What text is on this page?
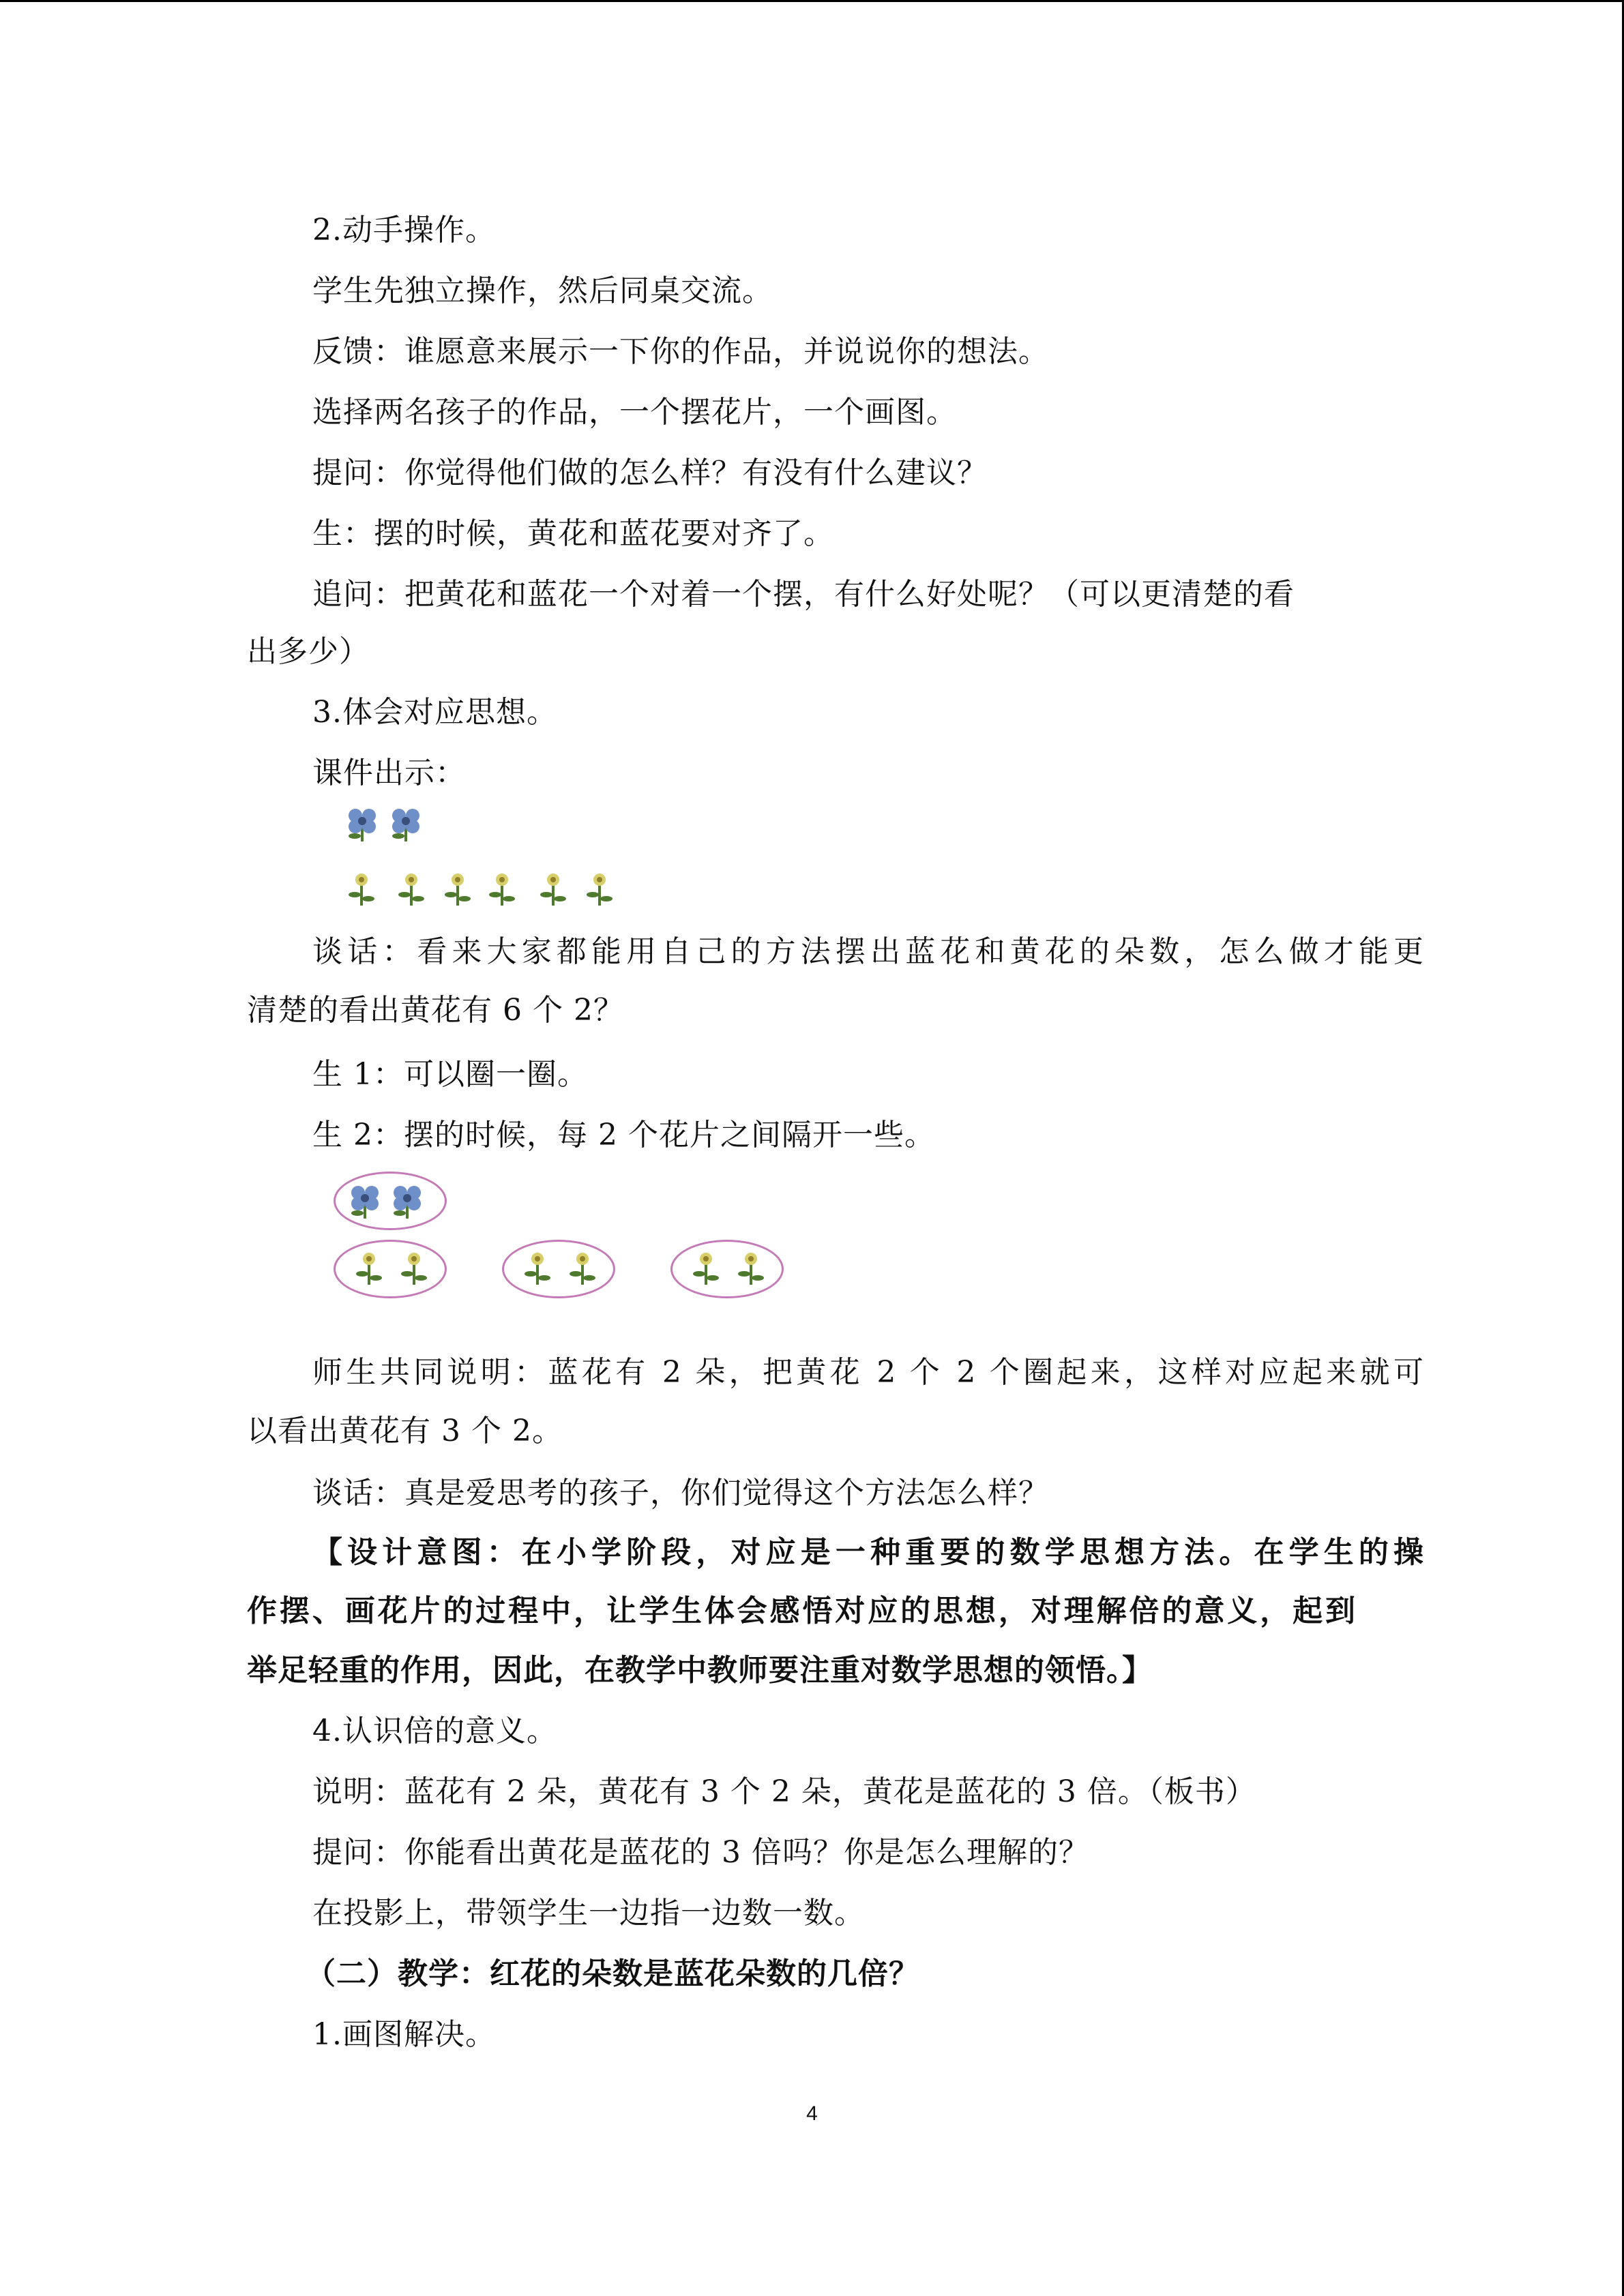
2.动手操作。
学生先独立操作，然后同桌交流。
反馈：谁愿意来展示一下你的作品，并说说你的想法。
选择两名孩子的作品，一个摆花片，一个画图。
提问：你觉得他们做的怎么样？有没有什么建议？
生：摆的时候，黄花和蓝花要对齐了。
追问：把黄花和蓝花一个对着一个摆，有什么好处呢？（可以更清楚的看
出多少）
3.体会对应思想。
课件出示：
谈话：看来大家都能用自己的方法摆出蓝花和黄花的朵数，怎么做才能更
清楚的看出黄花有 6 个 2？
生 1：可以圈一圈。
生 2：摆的时候，每 2 个花片之间隔开一些。
师生共同说明：蓝花有 2 朵，把黄花 2 个 2 个圈起来，这样对应起来就可
以看出黄花有 3 个 2。
谈话：真是爱思考的孩子，你们觉得这个方法怎么样？
【设计意图：在小学阶段，对应是一种重要的数学思想方法。在学生的操
作摆、画花片的过程中，让学生体会感悟对应的思想，对理解倍的意义，起到
举足轻重的作用，因此，在教学中教师要注重对数学思想的领悟。】
4.认识倍的意义。
说明：蓝花有 2 朵，黄花有 3 个 2 朵，黄花是蓝花的 3 倍。（板书）
提问：你能看出黄花是蓝花的 3 倍吗？你是怎么理解的？
在投影上，带领学生一边指一边数一数。
（二）教学：红花的朵数是蓝花朵数的几倍？
1.画图解决。
4
